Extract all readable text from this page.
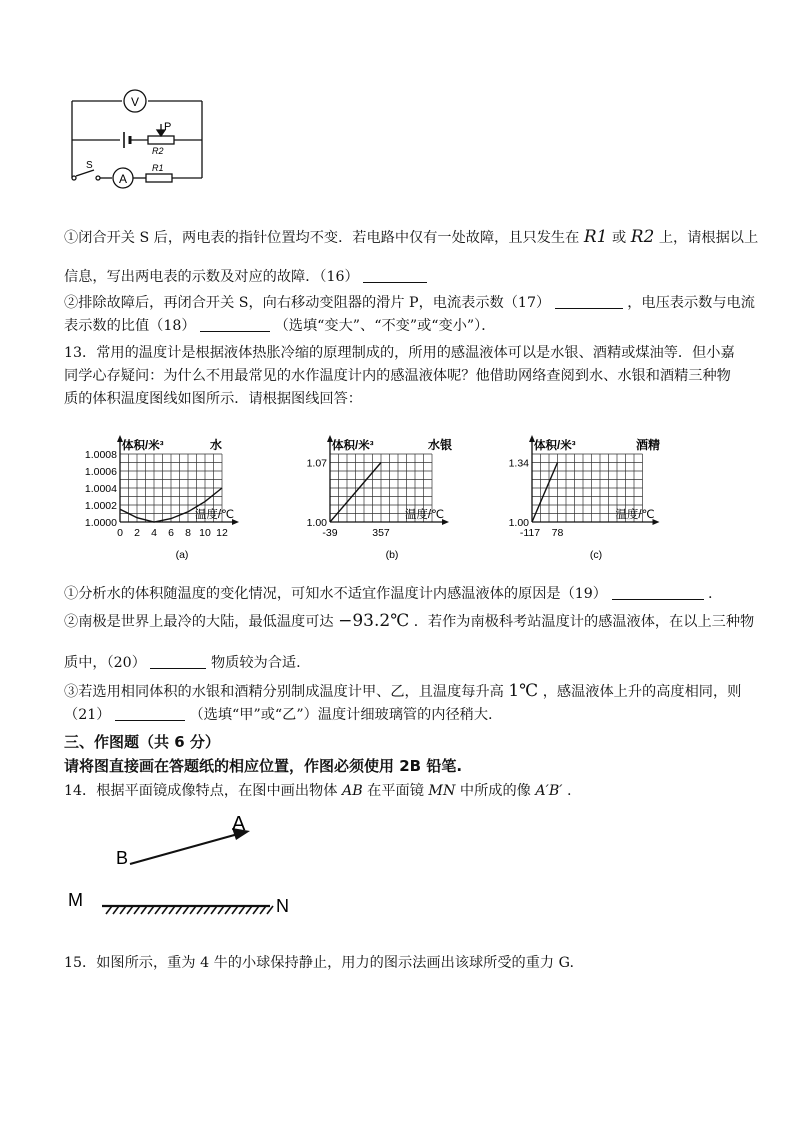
V
A
S
P
R2
R1
①闭合开关 S 后，两电表的指针位置均不变．若电路中仅有一处故障，且只发生在 R1 或 R2 上，请根据以上
信息，写出两电表的示数及对应的故障．（16）
②排除故障后，再闭合开关 S，向右移动变阻器的滑片 P，电流表示数（17）	，电压表示数与电流
表示数的比值（18）	（选填“变大”、“不变”或“变小”）．
13．常用的温度计是根据液体热胀冷缩的原理制成的，所用的感温液体可以是水银、酒精或煤油等．但小嘉
同学心存疑问：为什么不用最常见的水作温度计内的感温液体呢？他借助网络查阅到水、水银和酒精三种物
质的体积温度图线如图所示．请根据图线回答：
体积/米³	水
温度/℃
1.0000
1.0002
1.0004
1.0006
1.0008
0 2 4 6 8 10 12
(a)
体积/米³	水银
温度/℃
1.00
1.07
-39	357
(b)
体积/米³	酒精
温度/℃
1.00
1.34
-117 78
(c)
①分析水的体积随温度的变化情况，可知水不适宜作温度计内感温液体的原因是（19）	.
②南极是世界上最冷的大陆，最低温度可达 −93.2℃ ．若作为南极科考站温度计的感温液体，在以上三种物
质中，（20）	物质较为合适.
③若选用相同体积的水银和酒精分别制成温度计甲、乙，且温度每升高 1℃ ，感温液体上升的高度相同，则
（21）	（选填“甲”或“乙”）温度计细玻璃管的内径稍大.
三、作图题（共 6 分）
请将图直接画在答题纸的相应位置，作图必须使用 2B 铅笔.
14．根据平面镜成像特点，在图中画出物体 AB 在平面镜 MN 中所成的像 A′B′ .
A
B
M	N
15．如图所示，重为 4 牛的小球保持静止，用力的图示法画出该球所受的重力 G.
